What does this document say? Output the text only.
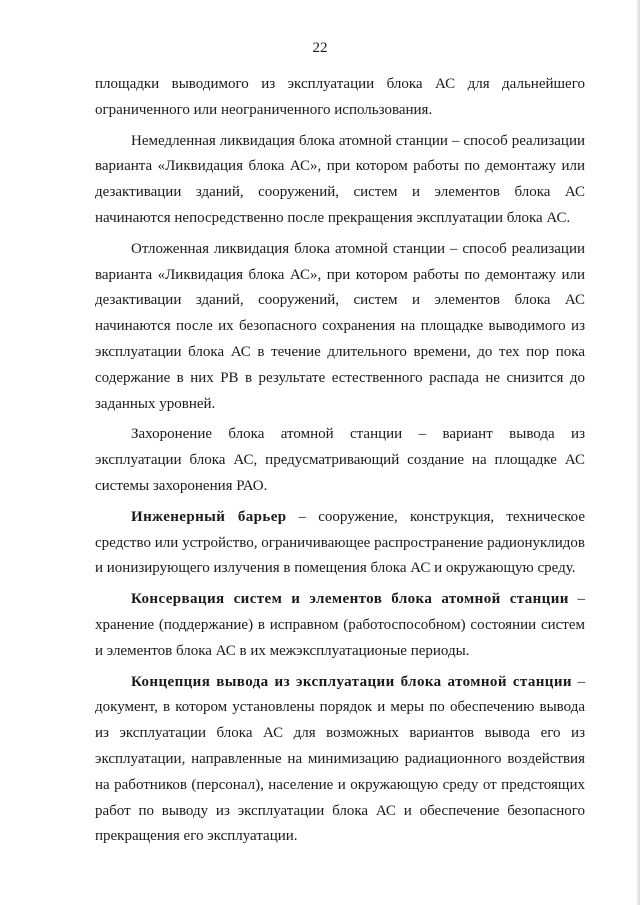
22

площадки выводимого из эксплуатации блока АС для дальнейшего ограниченного или неограниченного использования.

Немедленная ликвидация блока атомной станции – способ реализации варианта «Ликвидация блока АС», при котором работы по демонтажу или дезактивации зданий, сооружений, систем и элементов блока АС начинаются непосредственно после прекращения эксплуатации блока АС.

Отложенная ликвидация блока атомной станции – способ реализации варианта «Ликвидация блока АС», при котором работы по демонтажу или дезактивации зданий, сооружений, систем и элементов блока АС начинаются после их безопасного сохранения на площадке выводимого из эксплуатации блока АС в течение длительного времени, до тех пор пока содержание в них РВ в результате естественного распада не снизится до заданных уровней.

Захоронение блока атомной станции – вариант вывода из эксплуатации блока АС, предусматривающий создание на площадке АС системы захоронения РАО.

Инженерный барьер – сооружение, конструкция, техническое средство или устройство, ограничивающее распространение радионуклидов и ионизирующего излучения в помещения блока АС и окружающую среду.

Консервация систем и элементов блока атомной станции – хранение (поддержание) в исправном (работоспособном) состоянии систем и элементов блока АС в их межэксплуатационые периоды.

Концепция вывода из эксплуатации блока атомной станции – документ, в котором установлены порядок и меры по обеспечению вывода из эксплуатации блока АС для возможных вариантов вывода его из эксплуатации, направленные на минимизацию радиационного воздействия на работников (персонал), население и окружающую среду от предстоящих работ по выводу из эксплуатации блока АС и обеспечение безопасного прекращения его эксплуатации.
